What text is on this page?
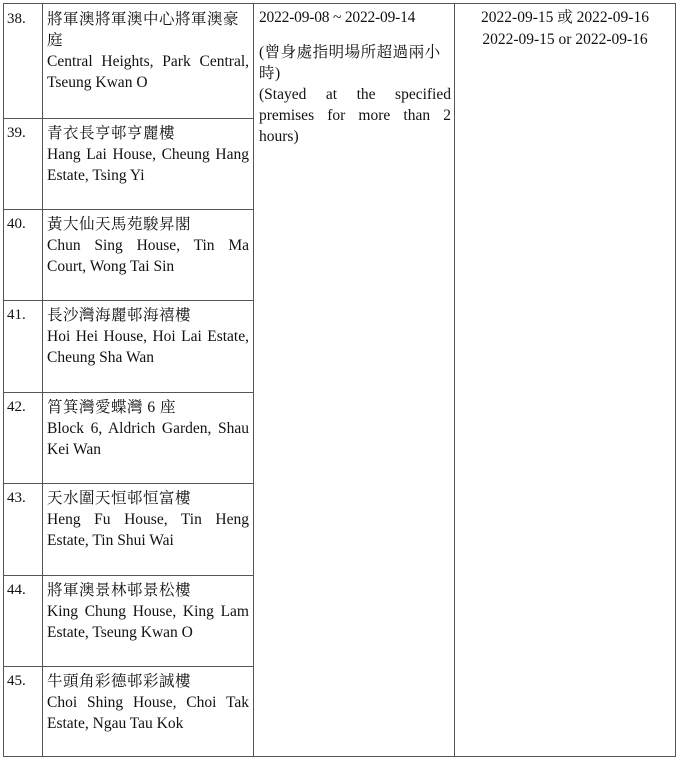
38. 將軍澳將軍澳中心將軍澳豪庭
Central Heights, Park Central, Tseung Kwan O
39. 青衣長亨邨亨麗樓
Hang Lai House, Cheung Hang Estate, Tsing Yi
40. 黃大仙天馬苑駿昇閣
Chun Sing House, Tin Ma Court, Wong Tai Sin
41. 長沙灣海麗邨海禧樓
Hoi Hei House, Hoi Lai Estate, Cheung Sha Wan
42. 筲箕灣愛蝶灣 6 座
Block 6, Aldrich Garden, Shau Kei Wan
43. 天水圍天恒邨恒富樓
Heng Fu House, Tin Heng Estate, Tin Shui Wai
44. 將軍澳景林邨景松樓
King Chung House, King Lam Estate, Tseung Kwan O
45. 牛頭角彩德邨彩誠樓
Choi Shing House, Choi Tak Estate, Ngau Tau Kok
2022-09-08 ~ 2022-09-14
(曾身處指明場所超過兩小時)
(Stayed at the specified premises for more than 2 hours)
2022-09-15 或 2022-09-16
2022-09-15 or 2022-09-16
